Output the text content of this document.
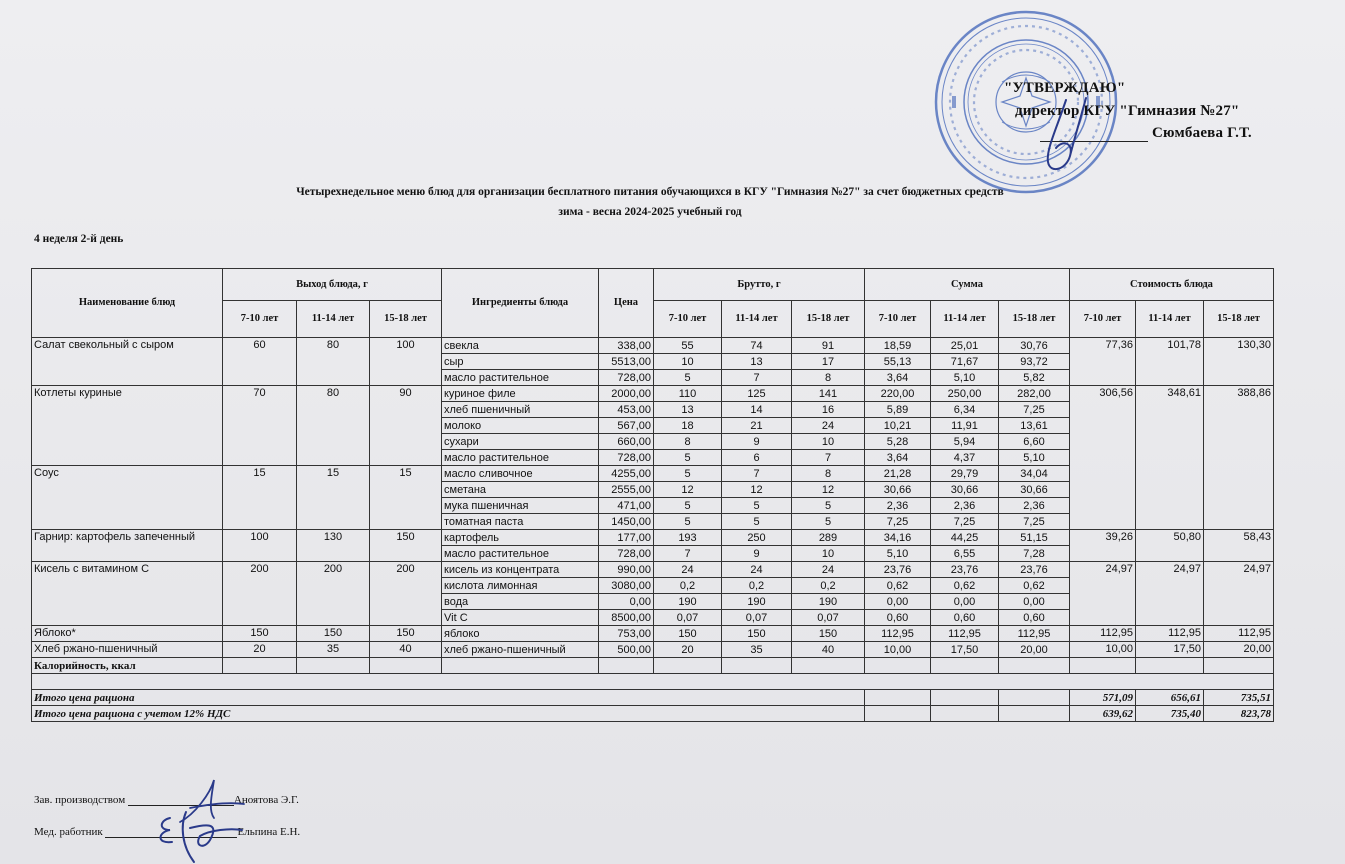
"УТВЕРЖДАЮ"
директор КГУ "Гимназия №27"
Сюмбаева Г.Т.
Четырехнедельное меню блюд для организации бесплатного питания обучающихся в КГУ "Гимназия №27" за счет бюджетных средств
зима - весна 2024-2025 учебный год
4 неделя 2-й день
Наименование блюд	Выход блюда, г			Ингредиенты блюда	Цена	Брутто, г			Сумма			Стоимость блюда		
	7-10 лет	11-14 лет	15-18 лет			7-10 лет	11-14 лет	15-18 лет	7-10 лет	11-14 лет	15-18 лет	7-10 лет	11-14 лет	15-18 лет
Салат свекольный с сыром	60	80	100	свекла	338,00	55	74	91	18,59	25,01	30,76	77,36	101,78	130,30
				сыр	5513,00	10	13	17	55,13	71,67	93,72			
				масло растительное	728,00	5	7	8	3,64	5,10	5,82			
Котлеты куриные	70	80	90	куриное филе	2000,00	110	125	141	220,00	250,00	282,00	306,56	348,61	388,86
				хлеб пшеничный	453,00	13	14	16	5,89	6,34	7,25			
				молоко	567,00	18	21	24	10,21	11,91	13,61			
				сухари	660,00	8	9	10	5,28	5,94	6,60			
				масло растительное	728,00	5	6	7	3,64	4,37	5,10			
Соус	15	15	15	масло сливочное	4255,00	5	7	8	21,28	29,79	34,04			
				сметана	2555,00	12	12	12	30,66	30,66	30,66			
				мука пшеничная	471,00	5	5	5	2,36	2,36	2,36			
				томатная паста	1450,00	5	5	5	7,25	7,25	7,25			
Гарнир: картофель запеченный	100	130	150	картофель	177,00	193	250	289	34,16	44,25	51,15	39,26	50,80	58,43
				масло растительное	728,00	7	9	10	5,10	6,55	7,28			
Кисель с витамином С	200	200	200	кисель из концентрата	990,00	24	24	24	23,76	23,76	23,76	24,97	24,97	24,97
				кислота лимонная	3080,00	0,2	0,2	0,2	0,62	0,62	0,62			
				вода	0,00	190	190	190	0,00	0,00	0,00			
				Vit C	8500,00	0,07	0,07	0,07	0,60	0,60	0,60			
Яблоко*	150	150	150	яблоко	753,00	150	150	150	112,95	112,95	112,95	112,95	112,95	112,95
Хлеб ржано-пшеничный	20	35	40	хлеб ржано-пшеничный	500,00	20	35	40	10,00	17,50	20,00	10,00	17,50	20,00
Калорийность, ккал														

Итого цена рациона												571,09	656,61	735,51
Итого цена рациона с учетом 12% НДС												639,62	735,40	823,78
Зав. производством	Аноятова Э.Г.
Мед. работник	Ельпина Е.Н.
